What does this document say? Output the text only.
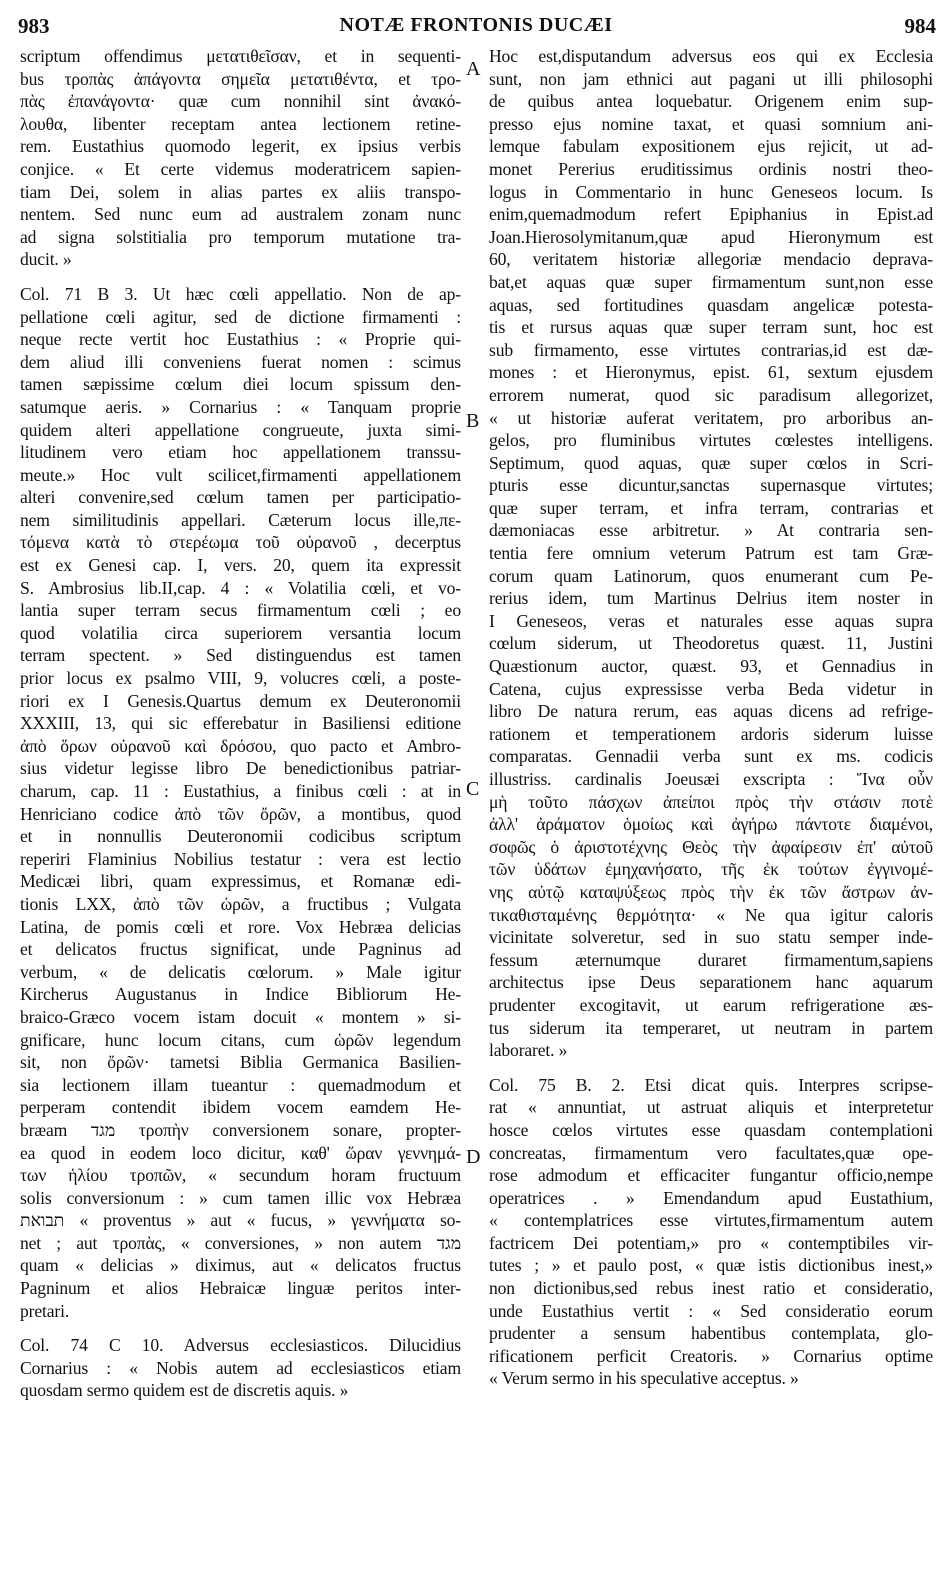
983	NOTÆ FRONTONIS DUCÆI	984
A
B
C
D
scriptum offendimus μετατιθεῖσαν, et in sequenti-
bus τροπὰς ἀπάγοντα σημεῖα μετατιθέντα, et τρο-
πὰς ἐπανάγοντα· quæ cum nonnihil sint ἀνακό-
λουθα, libenter receptam antea lectionem retine-
rem. Eustathius quomodo legerit, ex ipsius verbis
conjice. « Et certe videmus moderatricem sapien-
tiam Dei, solem in alias partes ex aliis transpo-
nentem. Sed nunc eum ad australem zonam nunc
ad signa solstitialia pro temporum mutatione tra-
ducit. »
Col. 71 B 3. Ut hæc cœli appellatio. Non de ap-
pellatione cœli agitur, sed de dictione firmamenti :
neque recte vertit hoc Eustathius : « Proprie qui-
dem aliud illi conveniens fuerat nomen : scimus
tamen sæpissime cœlum diei locum spissum den-
satumque aeris. » Cornarius : « Tanquam proprie
quidem alteri appellatione congrueute, juxta simi-
litudinem vero etiam hoc appellationem transsu-
meute.» Hoc vult scilicet,firmamenti appellationem
alteri convenire,sed cœlum tamen per participatio-
nem similitudinis appellari. Cæterum locus ille,πε-
τόμενα κατὰ τὸ στερέωμα τοῦ οὐρανοῦ , decerptus
est ex Genesi cap. I, vers. 20, quem ita expressit
S. Ambrosius lib.II,cap. 4 : « Volatilia cœli, et vo-
lantia super terram secus firmamentum cœli ; eo
quod volatilia circa superiorem versantia locum
terram spectent. » Sed distinguendus est tamen
prior locus ex psalmo VIII, 9, volucres cœli, a poste-
riori ex I Genesis.Quartus demum ex Deuteronomii
XXXIII, 13, qui sic efferebatur in Basiliensi editione
ἀπὸ ὅρων οὐρανοῦ καὶ δρόσου, quo pacto et Ambro-
sius videtur legisse libro De benedictionibus patriar-
charum, cap. 11 : Eustathius, a finibus cœli : at in
Henriciano codice ἀπὸ τῶν ὄρῶν, a montibus, quod
et in nonnullis Deuteronomii codicibus scriptum
reperiri Flaminius Nobilius testatur : vera est lectio
Medicæi libri, quam expressimus, et Romanæ edi-
tionis LXX, ἀπὸ τῶν ὡρῶν, a fructibus ; Vulgata
Latina, de pomis cœli et rore. Vox Hebræa delicias
et delicatos fructus significat, unde Pagninus ad
verbum, « de delicatis cœlorum. » Male igitur
Kircherus Augustanus in Indice Bibliorum He-
braico-Græco vocem istam docuit « montem » si-
gnificare, hunc locum citans, cum ὡρῶν legendum
sit, non ὄρῶν· tametsi Biblia Germanica Basilien-
sia lectionem illam tueantur : quemadmodum et
perperam contendit ibidem vocem eamdem He-
bræam מגד τροπὴν conversionem sonare, propter-
ea quod in eodem loco dicitur, καθ' ὥραν γεννημά-
των ἡλίου τροπῶν, « secundum horam fructuum
solis conversionum : » cum tamen illic vox Hebræa
תבואת « proventus » aut « fucus, » γεννήματα so-
net ; aut τροπὰς, « conversiones, » non autem מגד
quam « delicias » diximus, aut « delicatos fructus
Pagninum et alios Hebraicæ linguæ peritos inter-
pretari.
Col. 74 C 10. Adversus ecclesiasticos. Dilucidius
Cornarius : « Nobis autem ad ecclesiasticos etiam
quosdam sermo quidem est de discretis aquis. »
Hoc est,disputandum adversus eos qui ex Ecclesia
sunt, non jam ethnici aut pagani ut illi philosophi
de quibus antea loquebatur. Origenem enim sup-
presso ejus nomine taxat, et quasi somnium ani-
lemque fabulam expositionem ejus rejicit, ut ad-
monet Pererius eruditissimus ordinis nostri theo-
logus in Commentario in hunc Geneseos locum. Is
enim,quemadmodum refert Epiphanius in Epist.ad
Joan.Hierosolymitanum,quæ apud Hieronymum est
60, veritatem historiæ allegoriæ mendacio deprava-
bat,et aquas quæ super firmamentum sunt,non esse
aquas, sed fortitudines quasdam angelicæ potesta-
tis et rursus aquas quæ super terram sunt, hoc est
sub firmamento, esse virtutes contrarias,id est dæ-
mones : et Hieronymus, epist. 61, sextum ejusdem
errorem numerat, quod sic paradisum allegorizet,
« ut historiæ auferat veritatem, pro arboribus an-
gelos, pro fluminibus virtutes cœlestes intelligens.
Septimum, quod aquas, quæ super cœlos in Scri-
pturis esse dicuntur,sanctas supernasque virtutes;
quæ super terram, et infra terram, contrarias et
dæmoniacas esse arbitretur. » At contraria sen-
tentia fere omnium veterum Patrum est tam Græ-
corum quam Latinorum, quos enumerant cum Pe-
rerius idem, tum Martinus Delrius item noster in
I Geneseos, veras et naturales esse aquas supra
cœlum siderum, ut Theodoretus quæst. 11, Justini
Quæstionum auctor, quæst. 93, et Gennadius in
Catena, cujus expressisse verba Beda videtur in
libro De natura rerum, eas aquas dicens ad refrige-
rationem et temperationem ardoris siderum luisse
comparatas. Gennadii verba sunt ex ms. codicis
illustriss. cardinalis Joeusæi exscripta : Ἵνα οὖν
μὴ τοῦτο πάσχων ἀπείποι πρὸς τὴν στάσιν ποτὲ
ἀλλ' ἀράματον ὁμοίως καὶ ἀγήρω πάντοτε διαμένοι,
σοφῶς ὁ ἀριστοτέχνης Θεὸς τὴν ἀφαίρεσιν ἐπ' αὐτοῦ
τῶν ὑδάτων ἐμηχανήσατο, τῆς ἐκ τούτων ἐγγινομέ-
νης αὐτῷ καταψύξεως πρὸς τὴν ἐκ τῶν ἄστρων ἀν-
τικαθισταμένης θερμότητα· « Ne qua igitur caloris
vicinitate solveretur, sed in suo statu semper inde-
fessum æternumque duraret firmamentum,sapiens
architectus ipse Deus separationem hanc aquarum
prudenter excogitavit, ut earum refrigeratione æs-
tus siderum ita temperaret, ut neutram in partem
laboraret. »
Col. 75 B. 2. Etsi dicat quis. Interpres scripse-
rat « annuntiat, ut astruat aliquis et interpretetur
hosce cœlos virtutes esse quasdam contemplationi
concreatas, firmamentum vero facultates,quæ ope-
rose admodum et efficaciter fungantur officio,nempe
operatrices . » Emendandum apud Eustathium,
« contemplatrices esse virtutes,firmamentum autem
factricem Dei potentiam,» pro « contemptibiles vir-
tutes ; » et paulo post, « quæ istis dictionibus inest,»
non dictionibus,sed rebus inest ratio et consideratio,
unde Eustathius vertit : « Sed consideratio eorum
prudenter a sensum habentibus contemplata, glo-
rificationem perficit Creatoris. » Cornarius optime
« Verum sermo in his speculative acceptus. »
